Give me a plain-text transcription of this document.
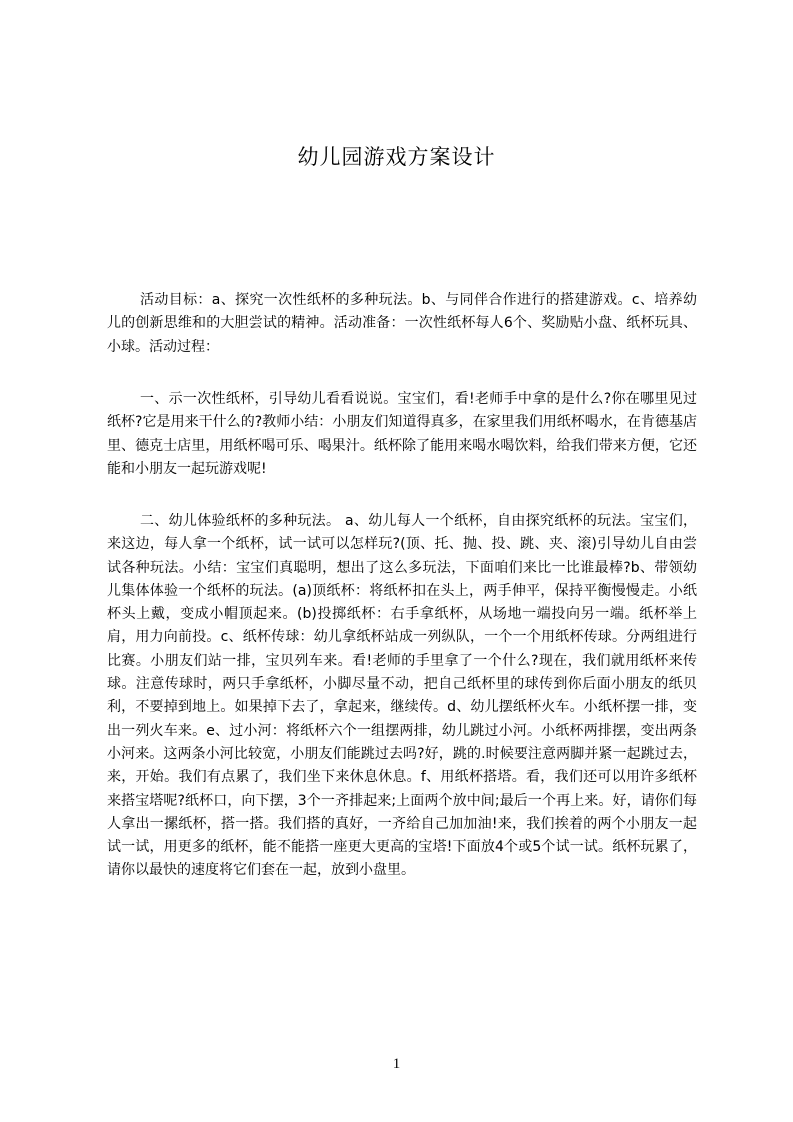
幼儿园游戏方案设计

活动目标：a、探究一次性纸杯的多种玩法。b、与同伴合作进行的搭建游戏。c、培养幼儿的创新思维和的大胆尝试的精神。活动准备：一次性纸杯每人6个、奖励贴小盘、纸杯玩具、小球。活动过程：

一、示一次性纸杯，引导幼儿看看说说。宝宝们，看!老师手中拿的是什么?你在哪里见过纸杯?它是用来干什么的?教师小结：小朋友们知道得真多，在家里我们用纸杯喝水，在肯德基店里、德克士店里，用纸杯喝可乐、喝果汁。纸杯除了能用来喝水喝饮料，给我们带来方便，它还能和小朋友一起玩游戏呢!

二、幼儿体验纸杯的多种玩法。 a、幼儿每人一个纸杯，自由探究纸杯的玩法。宝宝们，来这边，每人拿一个纸杯，试一试可以怎样玩?(顶、托、抛、投、跳、夹、滚)引导幼儿自由尝试各种玩法。小结：宝宝们真聪明，想出了这么多玩法，下面咱们来比一比谁最棒?b、带领幼儿集体体验一个纸杯的玩法。(a)顶纸杯：将纸杯扣在头上，两手伸平，保持平衡慢慢走。小纸杯头上戴，变成小帽顶起来。(b)投掷纸杯：右手拿纸杯，从场地一端投向另一端。纸杯举上肩，用力向前投。c、纸杯传球：幼儿拿纸杯站成一列纵队，一个一个用纸杯传球。分两组进行比赛。小朋友们站一排，宝贝列车来。看!老师的手里拿了一个什么?现在，我们就用纸杯来传球。注意传球时，两只手拿纸杯，小脚尽量不动，把自己纸杯里的球传到你后面小朋友的纸贝利，不要掉到地上。如果掉下去了，拿起来，继续传。d、幼儿摆纸杯火车。小纸杯摆一排，变出一列火车来。e、过小河：将纸杯六个一组摆两排，幼儿跳过小河。小纸杯两排摆，变出两条小河来。这两条小河比较宽，小朋友们能跳过去吗?好，跳的.时候要注意两脚并紧一起跳过去，来，开始。我们有点累了，我们坐下来休息休息。f、用纸杯搭塔。看，我们还可以用许多纸杯来搭宝塔呢?纸杯口，向下摆，3个一齐排起来;上面两个放中间;最后一个再上来。好，请你们每人拿出一摞纸杯，搭一搭。我们搭的真好，一齐给自己加加油!来，我们挨着的两个小朋友一起试一试，用更多的纸杯，能不能搭一座更大更高的宝塔!下面放4个或5个试一试。纸杯玩累了，请你以最快的速度将它们套在一起，放到小盘里。

1
